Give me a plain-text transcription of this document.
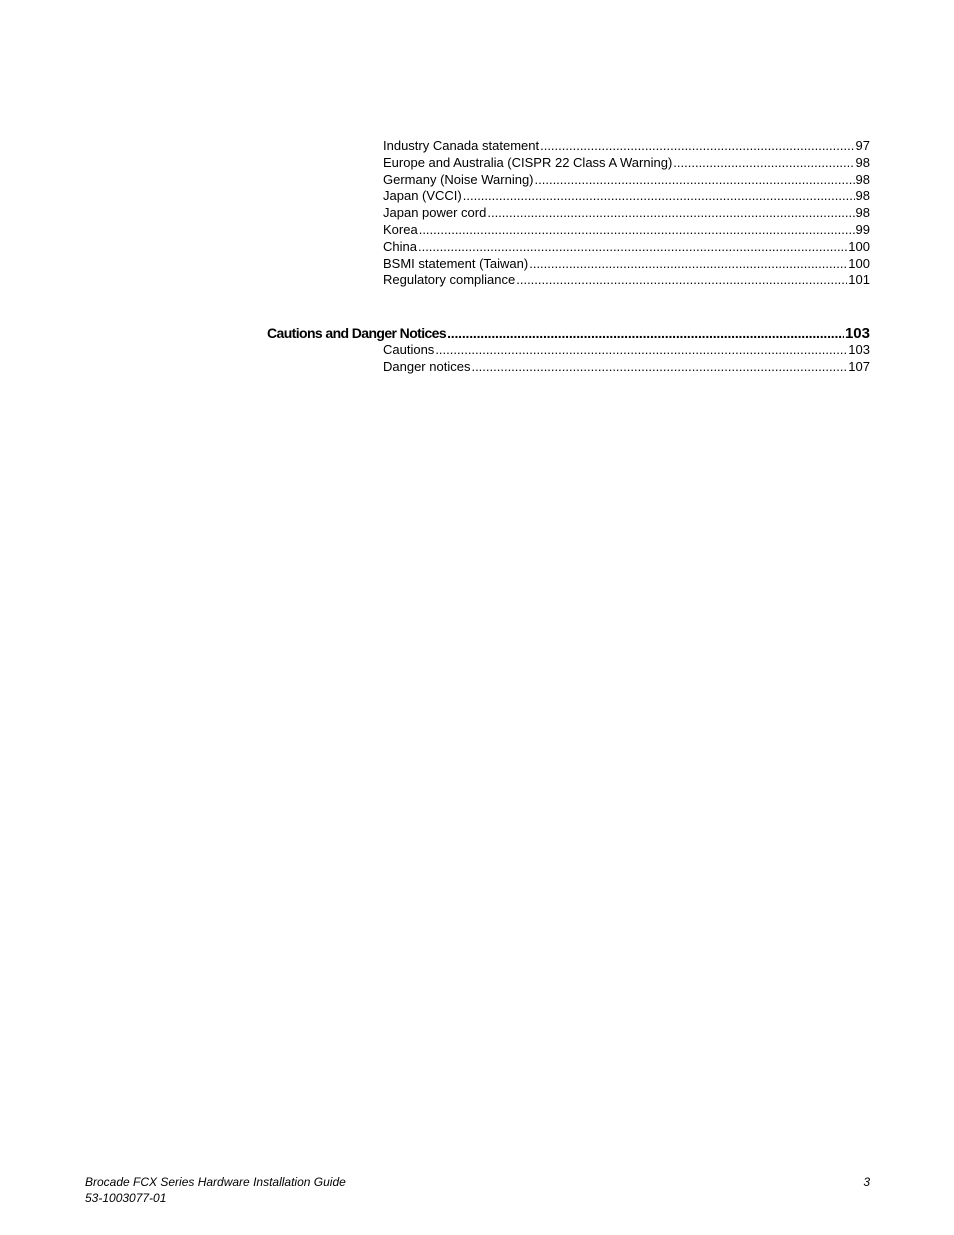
Industry Canada statement .....	97
Europe and Australia (CISPR 22 Class A Warning) .....	98
Germany (Noise Warning) .....	98
Japan (VCCI) .....	98
Japan power cord .....	98
Korea .....	99
China .....	100
BSMI statement (Taiwan) .....	100
Regulatory compliance .....	101
Cautions and Danger Notices .....	103
Cautions .....	103
Danger notices .....	107
Brocade FCX Series Hardware Installation Guide
53-1003077-01
3
